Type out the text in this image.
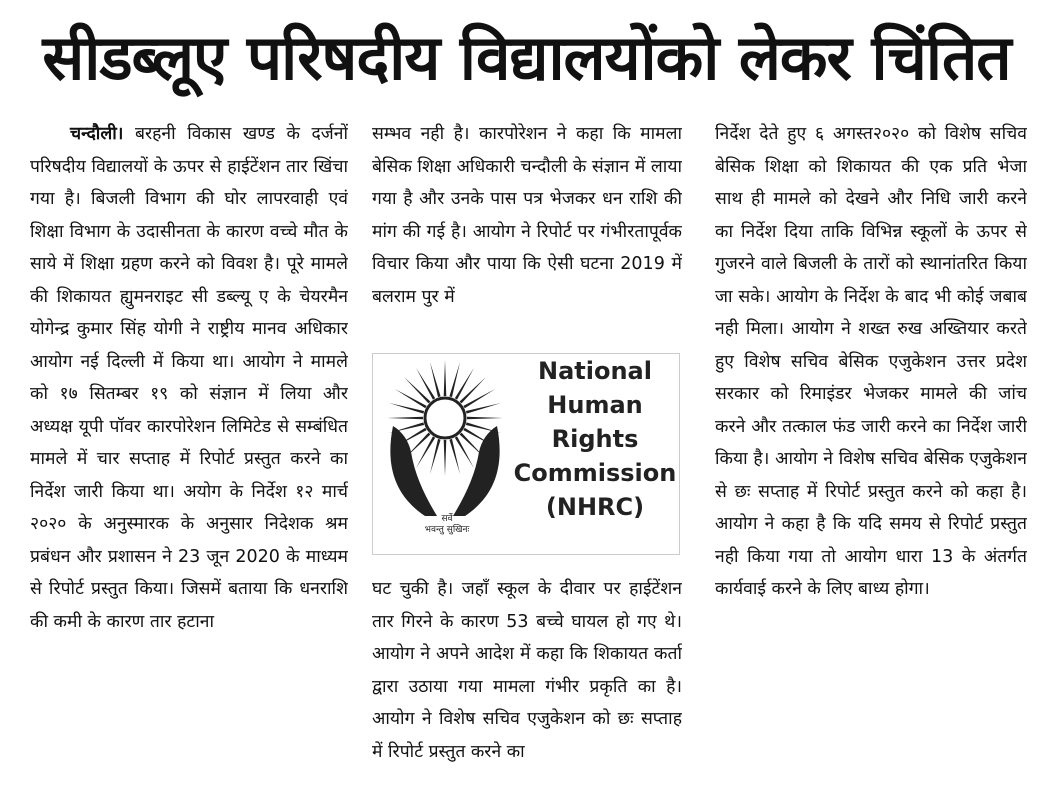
सीडब्लूए परिषदीय विद्यालयोंको लेकर चिंतित

चन्दौली। बरहनी विकास खण्ड के दर्जनों परिषदीय विद्यालयों के ऊपर से हाईटेंशन तार खिंचा गया है। बिजली विभाग की घोर लापरवाही एवं शिक्षा विभाग के उदासीनता के कारण वच्चे मौत के साये में शिक्षा ग्रहण करने को विवश है। पूरे मामले की शिकायत ह्युमनराइट सी डब्ल्यू ए के चेयरमैन योगेन्द्र कुमार सिंह योगी ने राष्ट्रीय मानव अधिकार आयोग नई दिल्ली में किया था। आयोग ने मामले को १७ सितम्बर १९ को संज्ञान में लिया और अध्यक्ष यूपी पॉवर कारपोरेशन लिमिटेड से सम्बंधित मामले में चार सप्ताह में रिपोर्ट प्रस्तुत करने का निर्देश जारी किया था। अयोग के निर्देश १२ मार्च २०२० के अनुस्मारक के अनुसार निदेशक श्रम प्रबंधन और प्रशासन ने 23 जून 2020 के माध्यम से रिपोर्ट प्रस्तुत किया। जिसमें बताया कि धनराशि की कमी के कारण तार हटाना

सम्भव नही है। कारपोरेशन ने कहा कि मामला बेसिक शिक्षा अधिकारी चन्दौली के संज्ञान में लाया गया है और उनके पास पत्र भेजकर धन राशि की मांग की गई है। आयोग ने रिपोर्ट पर गंभीरतापूर्वक विचार किया और पाया कि ऐसी घटना 2019 में बलराम पुर में
सर्वे
भवन्तु सुखिनः
National
Human
Rights
Commission
(NHRC)
घट चुकी है। जहाँ स्कूल के दीवार पर हाईटेंशन तार गिरने के कारण 53 बच्चे घायल हो गए थे। आयोग ने अपने आदेश में कहा कि शिकायत कर्ता द्वारा उठाया गया मामला गंभीर प्रकृति का है। आयोग ने विशेष सचिव एजुकेशन को छः सप्ताह में रिपोर्ट प्रस्तुत करने का

निर्देश देते हुए ६ अगस्त२०२० को विशेष सचिव बेसिक शिक्षा को शिकायत की एक प्रति भेजा साथ ही मामले को देखने और निधि जारी करने का निर्देश दिया ताकि विभिन्न स्कूलों के ऊपर से गुजरने वाले बिजली के तारों को स्थानांतरित किया जा सके। आयोग के निर्देश के बाद भी कोई जबाब नही मिला। आयोग ने शख्त रुख अख्तियार करते हुए विशेष सचिव बेसिक एजुकेशन उत्तर प्रदेश सरकार को रिमाइंडर भेजकर मामले की जांच करने और तत्काल फंड जारी करने का निर्देश जारी किया है। आयोग ने विशेष सचिव बेसिक एजुकेशन से छः सप्ताह में रिपोर्ट प्रस्तुत करने को कहा है। आयोग ने कहा है कि यदि समय से रिपोर्ट प्रस्तुत नही किया गया तो आयोग धारा 13 के अंतर्गत कार्यवाई करने के लिए बाध्य होगा।
